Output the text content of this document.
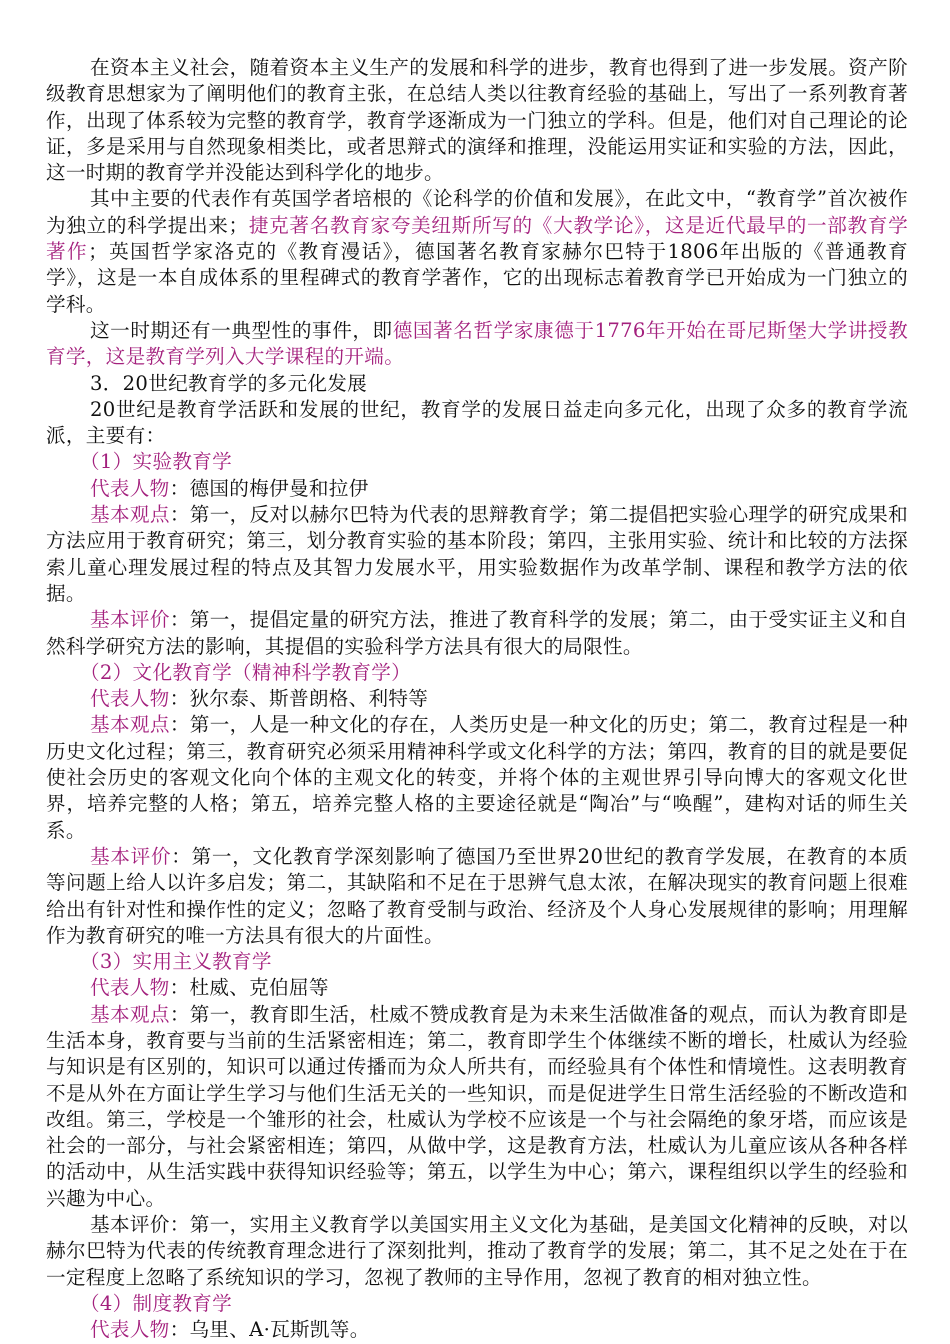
在资本主义社会，随着资本主义生产的发展和科学的进步，教育也得到了进一步发展。资产阶级教育思想家为了阐明他们的教育主张，在总结人类以往教育经验的基础上，写出了一系列教育著作，出现了体系较为完整的教育学，教育学逐渐成为一门独立的学科。但是，他们对自己理论的论证，多是采用与自然现象相类比，或者思辩式的演绎和推理，没能运用实证和实验的方法，因此，这一时期的教育学并没能达到科学化的地步。

其中主要的代表作有英国学者培根的《论科学的价值和发展》，在此文中，“教育学”首次被作为独立的科学提出来；捷克著名教育家夸美纽斯所写的《大教学论》，这是近代最早的一部教育学著作；英国哲学家洛克的《教育漫话》，德国著名教育家赫尔巴特于1806年出版的《普通教育学》，这是一本自成体系的里程碑式的教育学著作，它的出现标志着教育学已开始成为一门独立的学科。

这一时期还有一典型性的事件，即德国著名哲学家康德于1776年开始在哥尼斯堡大学讲授教育学，这是教育学列入大学课程的开端。

3．20世纪教育学的多元化发展

20世纪是教育学活跃和发展的世纪，教育学的发展日益走向多元化，出现了众多的教育学流派，主要有：

（1）实验教育学

代表人物：德国的梅伊曼和拉伊

基本观点：第一，反对以赫尔巴特为代表的思辩教育学；第二提倡把实验心理学的研究成果和方法应用于教育研究；第三，划分教育实验的基本阶段；第四，主张用实验、统计和比较的方法探索儿童心理发展过程的特点及其智力发展水平，用实验数据作为改革学制、课程和教学方法的依据。

基本评价：第一，提倡定量的研究方法，推进了教育科学的发展；第二，由于受实证主义和自然科学研究方法的影响，其提倡的实验科学方法具有很大的局限性。

（2）文化教育学（精神科学教育学）

代表人物：狄尔泰、斯普朗格、利特等

基本观点：第一，人是一种文化的存在，人类历史是一种文化的历史；第二，教育过程是一种历史文化过程；第三，教育研究必须采用精神科学或文化科学的方法；第四，教育的目的就是要促使社会历史的客观文化向个体的主观文化的转变，并将个体的主观世界引导向博大的客观文化世界，培养完整的人格；第五，培养完整人格的主要途径就是“陶冶”与“唤醒”，建构对话的师生关系。

基本评价：第一，文化教育学深刻影响了德国乃至世界20世纪的教育学发展，在教育的本质等问题上给人以许多启发；第二，其缺陷和不足在于思辨气息太浓，在解决现实的教育问题上很难给出有针对性和操作性的定义；忽略了教育受制与政治、经济及个人身心发展规律的影响；用理解作为教育研究的唯一方法具有很大的片面性。

（3）实用主义教育学

代表人物：杜威、克伯屈等

基本观点：第一，教育即生活，杜威不赞成教育是为未来生活做准备的观点，而认为教育即是生活本身，教育要与当前的生活紧密相连；第二，教育即学生个体继续不断的增长，杜威认为经验与知识是有区别的，知识可以通过传播而为众人所共有，而经验具有个体性和情境性。这表明教育不是从外在方面让学生学习与他们生活无关的一些知识，而是促进学生日常生活经验的不断改造和改组。第三，学校是一个雏形的社会，杜威认为学校不应该是一个与社会隔绝的象牙塔，而应该是社会的一部分，与社会紧密相连；第四，从做中学，这是教育方法，杜威认为儿童应该从各种各样的活动中，从生活实践中获得知识经验等；第五，以学生为中心；第六，课程组织以学生的经验和兴趣为中心。

基本评价：第一，实用主义教育学以美国实用主义文化为基础，是美国文化精神的反映，对以赫尔巴特为代表的传统教育理念进行了深刻批判，推动了教育学的发展；第二，其不足之处在于在一定程度上忽略了系统知识的学习，忽视了教师的主导作用，忽视了教育的相对独立性。

（4）制度教育学

代表人物：乌里、A·瓦斯凯等。
